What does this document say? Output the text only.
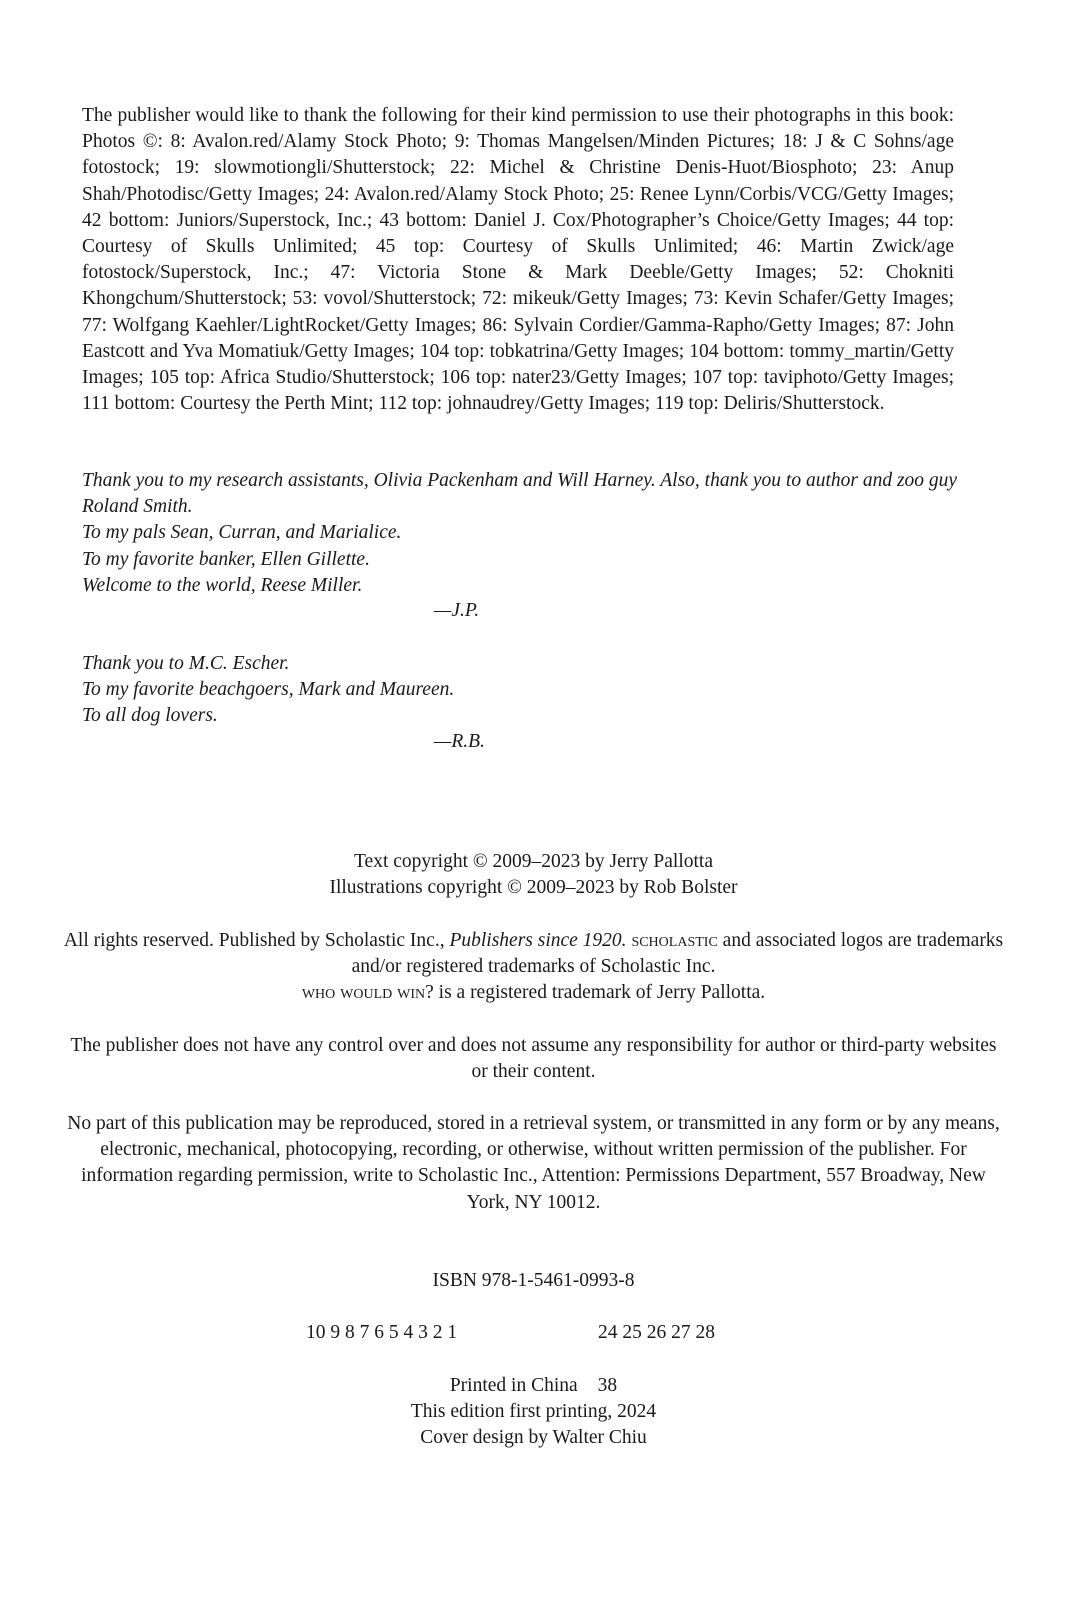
The publisher would like to thank the following for their kind permission to use their photographs in this book: Photos ©: 8: Avalon.red/Alamy Stock Photo; 9: Thomas Mangelsen/Minden Pictures; 18: J & C Sohns/age fotostock; 19: slowmotiongli/Shutterstock; 22: Michel & Christine Denis-Huot/Biosphoto; 23: Anup Shah/Photodisc/Getty Images; 24: Avalon.red/Alamy Stock Photo; 25: Renee Lynn/Corbis/VCG/Getty Images; 42 bottom: Juniors/Superstock, Inc.; 43 bottom: Daniel J. Cox/Photographer’s Choice/Getty Images; 44 top: Courtesy of Skulls Unlimited; 45 top: Courtesy of Skulls Unlimited; 46: Martin Zwick/age fotostock/Superstock, Inc.; 47: Victoria Stone & Mark Deeble/Getty Images; 52: Chokniti Khongchum/Shutterstock; 53: vovol/Shutterstock; 72: mikeuk/Getty Images; 73: Kevin Schafer/Getty Images; 77: Wolfgang Kaehler/LightRocket/Getty Images; 86: Sylvain Cordier/Gamma-Rapho/Getty Images; 87: John Eastcott and Yva Momatiuk/Getty Images; 104 top: tobkatrina/Getty Images; 104 bottom: tommy_martin/Getty Images; 105 top: Africa Studio/Shutterstock; 106 top: nater23/Getty Images; 107 top: taviphoto/Getty Images; 111 bottom: Courtesy the Perth Mint; 112 top: johnaudrey/Getty Images; 119 top: Deliris/Shutterstock.

Thank you to my research assistants, Olivia Packenham and Will Harney. Also, thank you to author and zoo guy Roland Smith.

To my pals Sean, Curran, and Marialice.

To my favorite banker, Ellen Gillette.

Welcome to the world, Reese Miller.

—J.P.

Thank you to M.C. Escher.

To my favorite beachgoers, Mark and Maureen.

To all dog lovers.

—R.B.

Text copyright © 2009–2023 by Jerry Pallotta

Illustrations copyright © 2009–2023 by Rob Bolster

All rights reserved. Published by Scholastic Inc., Publishers since 1920. scholastic and associated logos are trademarks and/or registered trademarks of Scholastic Inc.
who would win? is a registered trademark of Jerry Pallotta.

The publisher does not have any control over and does not assume any responsibility for author or third-party websites or their content.

No part of this publication may be reproduced, stored in a retrieval system, or transmitted in any form or by any means, electronic, mechanical, photocopying, recording, or otherwise, without written permission of the publisher. For information regarding permission, write to Scholastic Inc., Attention: Permissions Department, 557 Broadway, New York, NY 10012.

ISBN 978-1-5461-0993-8

10 9 8 7 6 5 4 3 2 1	24 25 26 27 28

Printed in China 38

This edition first printing, 2024

Cover design by Walter Chiu
